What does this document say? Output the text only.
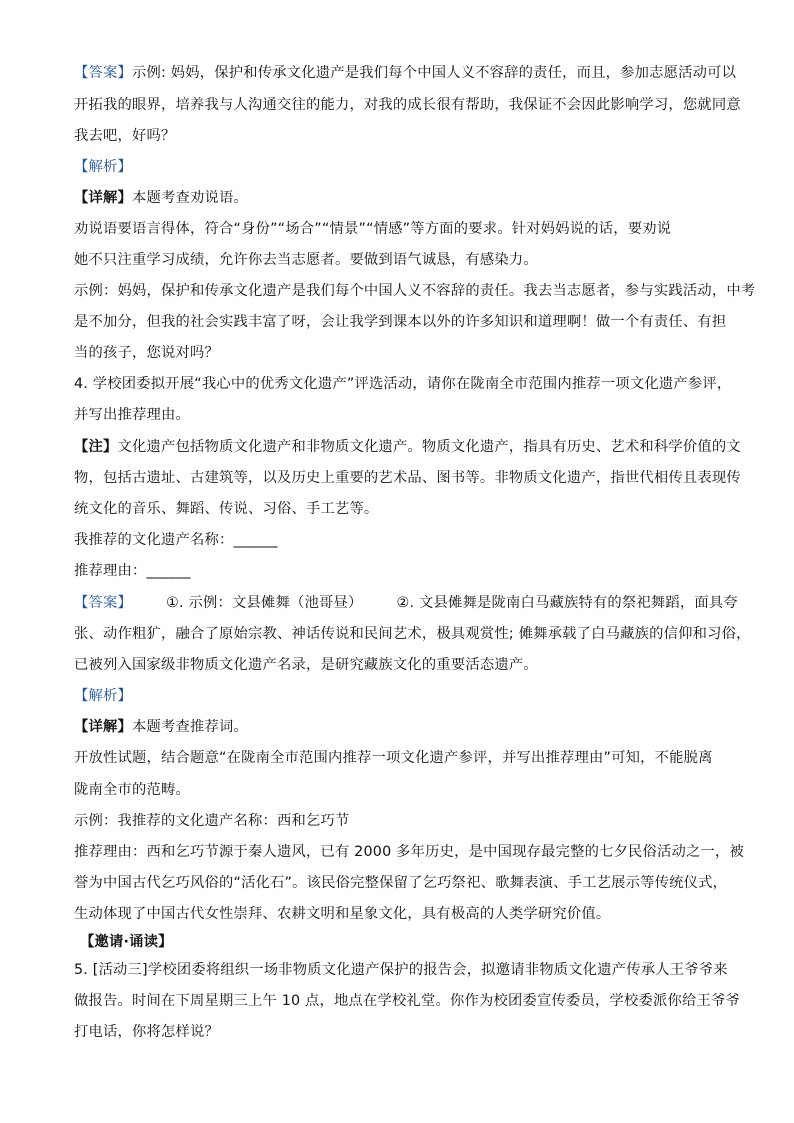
【答案】示例: 妈妈，保护和传承文化遗产是我们每个中国人义不容辞的责任，而且，参加志愿活动可以
开拓我的眼界，培养我与人沟通交往的能力，对我的成长很有帮助，我保证不会因此影响学习，您就同意
我去吧，好吗？
【解析】
【详解】本题考查劝说语。
劝说语要语言得体，符合“身份”“场合”“情景”“情感”等方面的要求。针对妈妈说的话，要劝说
她不只注重学习成绩，允许你去当志愿者。要做到语气诚恳，有感染力。
示例：妈妈，保护和传承文化遗产是我们每个中国人义不容辞的责任。我去当志愿者，参与实践活动，中考
是不加分，但我的社会实践丰富了呀，会让我学到课本以外的许多知识和道理啊！做一个有责任、有担
当的孩子，您说对吗？
4. 学校团委拟开展“我心中的优秀文化遗产”评选活动，请你在陇南全市范围内推荐一项文化遗产参评，
并写出推荐理由。
【注】文化遗产包括物质文化遗产和非物质文化遗产。物质文化遗产，指具有历史、艺术和科学价值的文
物，包括古遗址、古建筑等，以及历史上重要的艺术品、图书等。非物质文化遗产，指世代相传且表现传
统文化的音乐、舞蹈、传说、习俗、手工艺等。
我推荐的文化遗产名称：______
推荐理由：______
【答案】 ①. 示例：文县傩舞（池哥昼） ②. 文县傩舞是陇南白马藏族特有的祭祀舞蹈，面具夸
张、动作粗犷，融合了原始宗教、神话传说和民间艺术，极具观赏性; 傩舞承载了白马藏族的信仰和习俗，
已被列入国家级非物质文化遗产名录，是研究藏族文化的重要活态遗产。
【解析】
【详解】本题考查推荐词。
开放性试题，结合题意“在陇南全市范围内推荐一项文化遗产参评，并写出推荐理由”可知，不能脱离
陇南全市的范畴。
示例：我推荐的文化遗产名称：西和乞巧节
推荐理由：西和乞巧节源于秦人遗风，已有 2000 多年历史，是中国现存最完整的七夕民俗活动之一，被
誉为中国古代乞巧风俗的“活化石”。该民俗完整保留了乞巧祭祀、歌舞表演、手工艺展示等传统仪式，
生动体现了中国古代女性崇拜、农耕文明和星象文化，具有极高的人类学研究价值。
【邀请·诵读】
5. [活动三]学校团委将组织一场非物质文化遗产保护的报告会，拟邀请非物质文化遗产传承人王爷爷来
做报告。时间在下周星期三上午 10 点，地点在学校礼堂。你作为校团委宣传委员，学校委派你给王爷爷
打电话，你将怎样说？
